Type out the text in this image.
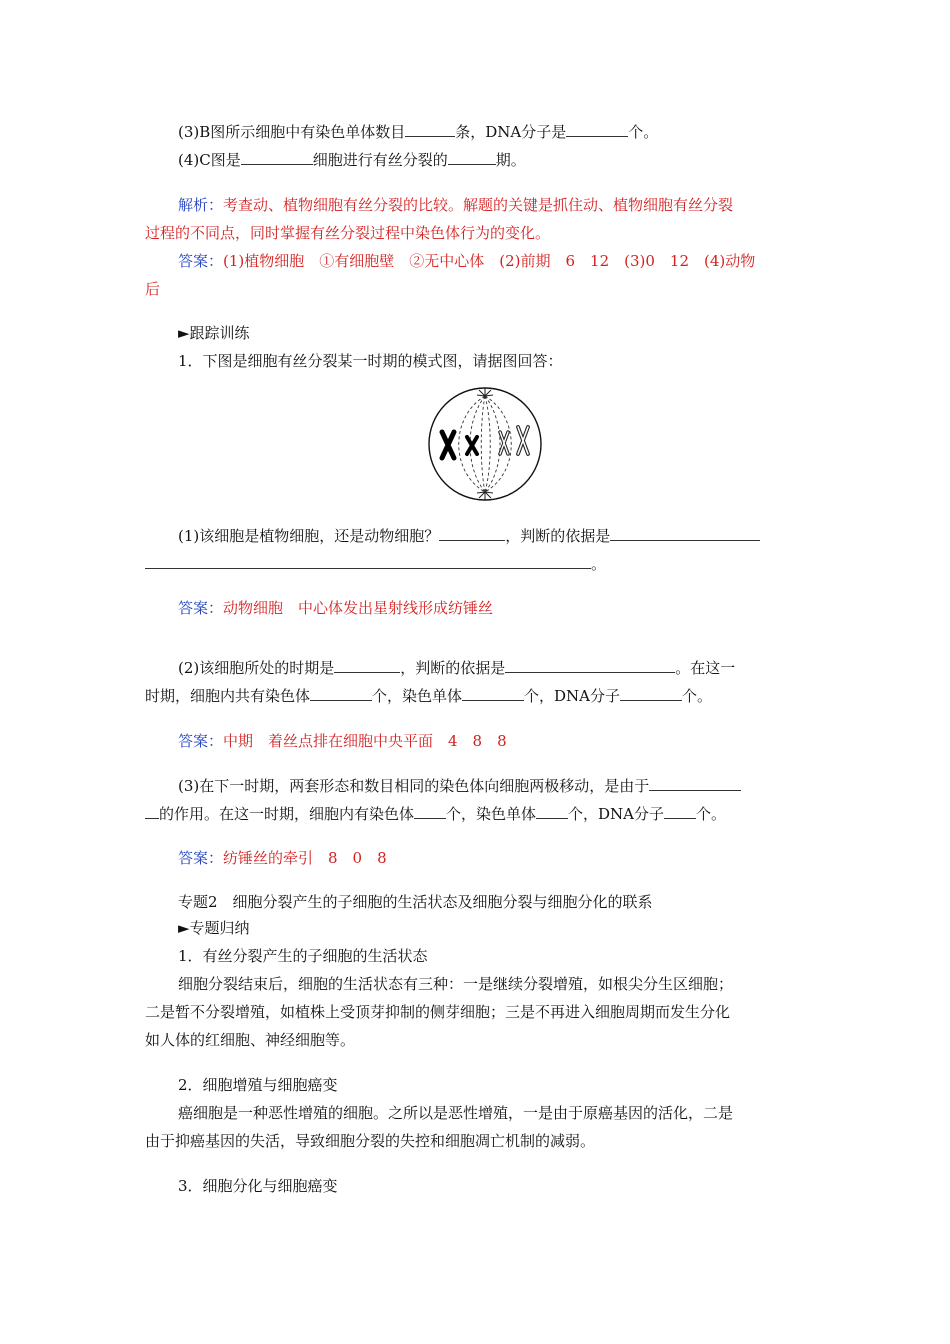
(3)B图所示细胞中有染色单体数目	条，DNA分子是	个。
(4)C图是	细胞进行有丝分裂的	期。
解析：考查动、植物细胞有丝分裂的比较。解题的关键是抓住动、植物细胞有丝分裂
过程的不同点，同时掌握有丝分裂过程中染色体行为的变化。
答案：(1)植物细胞　①有细胞壁　②无中心体　(2)前期　6　12　(3)0　12　(4)动物
后
►跟踪训练
1．下图是细胞有丝分裂某一时期的模式图，请据图回答：
(1)该细胞是植物细胞，还是动物细胞？	，判断的依据是
。
答案：动物细胞　中心体发出星射线形成纺锤丝
(2)该细胞所处的时期是	，判断的依据是	。在这一
时期，细胞内共有染色体	个，染色单体	个，DNA分子	个。
答案：中期　着丝点排在细胞中央平面　4　8　8
(3)在下一时期，两套形态和数目相同的染色体向细胞两极移动，是由于
的作用。在这一时期，细胞内有染色体 个，染色单体 个，DNA分子 个。
答案：纺锤丝的牵引　8　0　8
专题2　细胞分裂产生的子细胞的生活状态及细胞分裂与细胞分化的联系
►专题归纳
1．有丝分裂产生的子细胞的生活状态
细胞分裂结束后，细胞的生活状态有三种：一是继续分裂增殖，如根尖分生区细胞；
二是暂不分裂增殖，如植株上受顶芽抑制的侧芽细胞；三是不再进入细胞周期而发生分化
如人体的红细胞、神经细胞等。
2．细胞增殖与细胞癌变
癌细胞是一种恶性增殖的细胞。之所以是恶性增殖，一是由于原癌基因的活化，二是
由于抑癌基因的失活，导致细胞分裂的失控和细胞凋亡机制的减弱。
3．细胞分化与细胞癌变
